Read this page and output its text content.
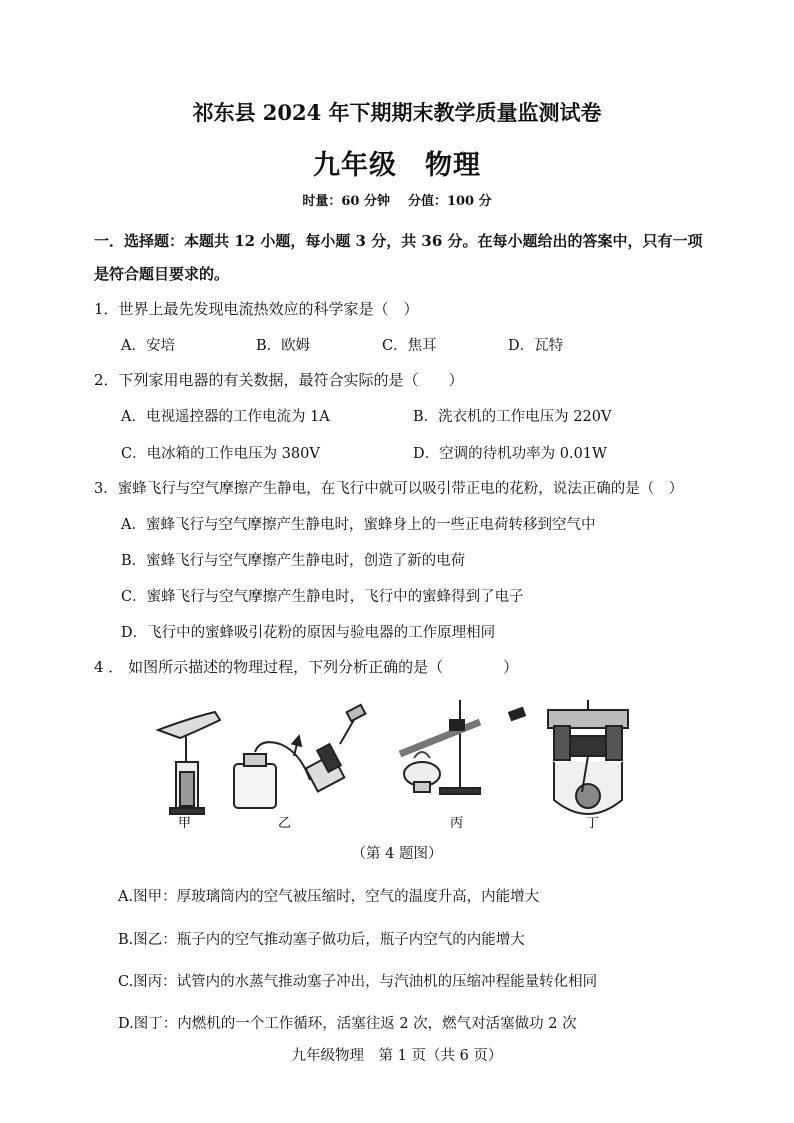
祁东县 2024 年下期期末教学质量监测试卷
九年级　物理
时量：60 分钟 分值：100 分
一．选择题：本题共 12 小题，每小题 3 分，共 36 分。在每小题给出的答案中，只有一项
是符合题目要求的。
1．世界上最先发现电流热效应的科学家是（　）
A．安培	B．欧姆	C．焦耳	D．瓦特
2．下列家用电器的有关数据，最符合实际的是（　　）
A．电视遥控器的工作电流为 1A	B．洗衣机的工作电压为 220V
C．电冰箱的工作电压为 380V	D．空调的待机功率为 0.01W
3．蜜蜂飞行与空气摩擦产生静电，在飞行中就可以吸引带正电的花粉，说法正确的是（　）
A．蜜蜂飞行与空气摩擦产生静电时，蜜蜂身上的一些正电荷转移到空气中
B．蜜蜂飞行与空气摩擦产生静电时，创造了新的电荷
C．蜜蜂飞行与空气摩擦产生静电时，飞行中的蜜蜂得到了电子
D．飞行中的蜜蜂吸引花粉的原因与验电器的工作原理相同
4 ． 如图所示描述的物理过程，下列分析正确的是（　　　　）
甲	乙	丙	丁
（第 4 题图）
A.图甲：厚玻璃筒内的空气被压缩时，空气的温度升高，内能增大
B.图乙：瓶子内的空气推动塞子做功后，瓶子内空气的内能增大
C.图丙：试管内的水蒸气推动塞子冲出，与汽油机的压缩冲程能量转化相同
D.图丁：内燃机的一个工作循环，活塞往返 2 次，燃气对活塞做功 2 次
九年级物理　第 1 页（共 6 页）
